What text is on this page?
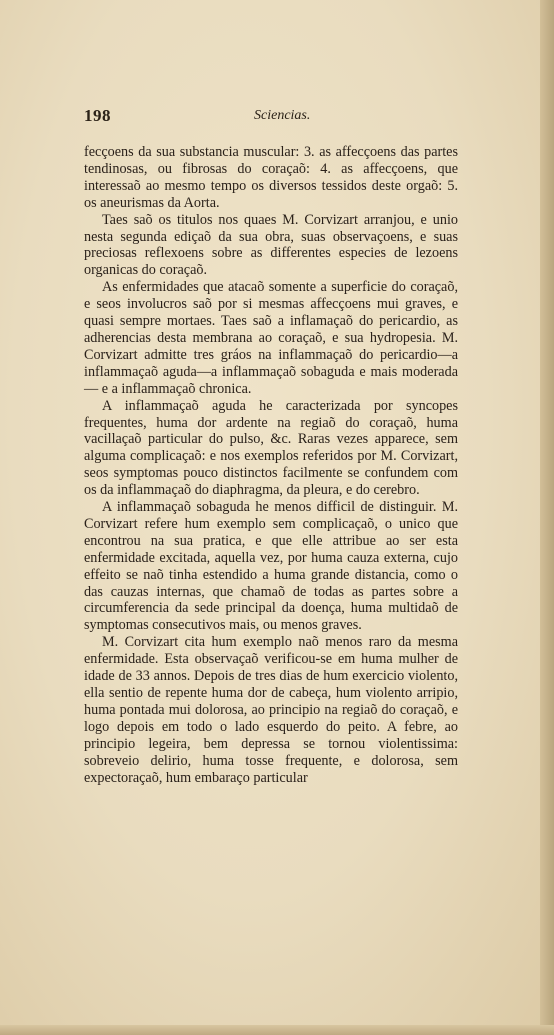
198	Sciencias.

fecçoens da sua substancia muscular: 3. as affecçoens das partes tendinosas, ou fibrosas do coraçaõ: 4. as affecçoens, que interessaõ ao mesmo tempo os diversos tessidos deste orgaõ: 5. os aneurismas da Aorta.

Taes saõ os titulos nos quaes M. Corvizart arranjou, e unio nesta segunda ediçaõ da sua obra, suas observaçoens, e suas preciosas reflexoens sobre as differentes especies de lezoens organicas do coraçaõ.

As enfermidades que atacaõ somente a superficie do coraçaõ, e seos involucros saõ por si mesmas affecçoens mui graves, e quasi sempre mortaes. Taes saõ a inflamaçaõ do pericardio, as adherencias desta membrana ao coraçaõ, e sua hydropesia. M. Corvizart admitte tres gráos na inflammaçaõ do pericardio—a inflammaçaõ aguda—a inflammaçaõ sobaguda e mais moderada— e a inflammaçaõ chronica.

A inflammaçaõ aguda he caracterizada por syncopes frequentes, huma dor ardente na regiaõ do coraçaõ, huma vacillaçaõ particular do pulso, &c. Raras vezes apparece, sem alguma complicaçaõ: e nos exemplos referidos por M. Corvizart, seos symptomas pouco distinctos facilmente se confundem com os da inflammaçaõ do diaphragma, da pleura, e do cerebro.

A inflammaçaõ sobaguda he menos difficil de distinguir. M. Corvizart refere hum exemplo sem complicaçaõ, o unico que encontrou na sua pratica, e que elle attribue ao ser esta enfermidade excitada, aquella vez, por huma cauza externa, cujo effeito se naõ tinha estendido a huma grande distancia, como o das cauzas internas, que chamaõ de todas as partes sobre a circumferencia da sede principal da doença, huma multidaõ de symptomas consecutivos mais, ou menos graves.

M. Corvizart cita hum exemplo naõ menos raro da mesma enfermidade. Esta observaçaõ verificou-se em huma mulher de idade de 33 annos. Depois de tres dias de hum exercicio violento, ella sentio de repente huma dor de cabeça, hum violento arripio, huma pontada mui dolorosa, ao principio na regiaõ do coraçaõ, e logo depois em todo o lado esquerdo do peito. A febre, ao principio legeira, bem depressa se tornou violentissima: sobreveio delirio, huma tosse frequente, e dolorosa, sem expectoraçaõ, hum embaraço particular
